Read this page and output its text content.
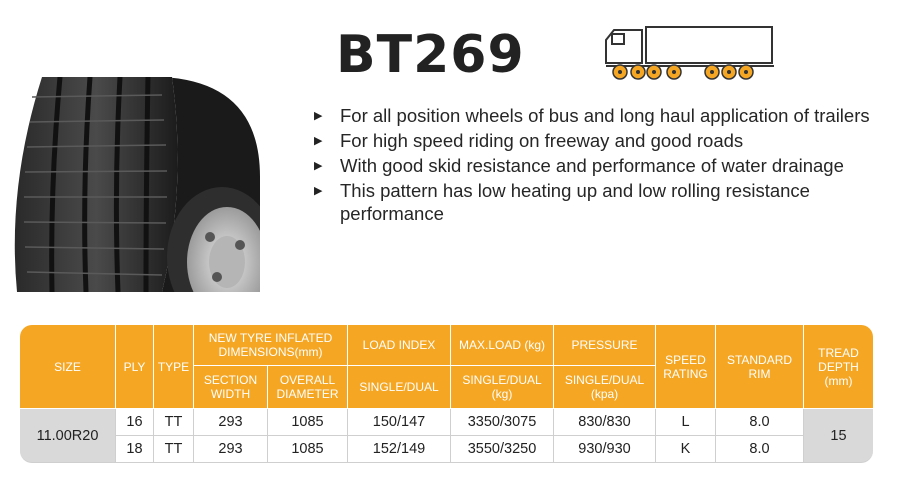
BT269
▶ For all position wheels of bus and long haul application of trailers
▶ For high speed riding on freeway and good roads
▶ With good skid resistance and performance of water drainage
▶ This pattern has low heating up and low rolling resistance performance
SIZE	PLY	TYPE	NEW TYRE INFLATED DIMENSIONS(mm)		LOAD INDEX	MAX.LOAD (kg)	PRESSURE	SPEED RATING	STANDARD RIM	TREAD DEPTH (mm)
			SECTION WIDTH	OVERALL DIAMETER	SINGLE/DUAL	SINGLE/DUAL (kg)	SINGLE/DUAL (kpa)			
11.00R20	16	TT	293	1085	150/147	3350/3075	830/830	L	8.0	15
	18	TT	293	1085	152/149	3550/3250	930/930	K	8.0	
